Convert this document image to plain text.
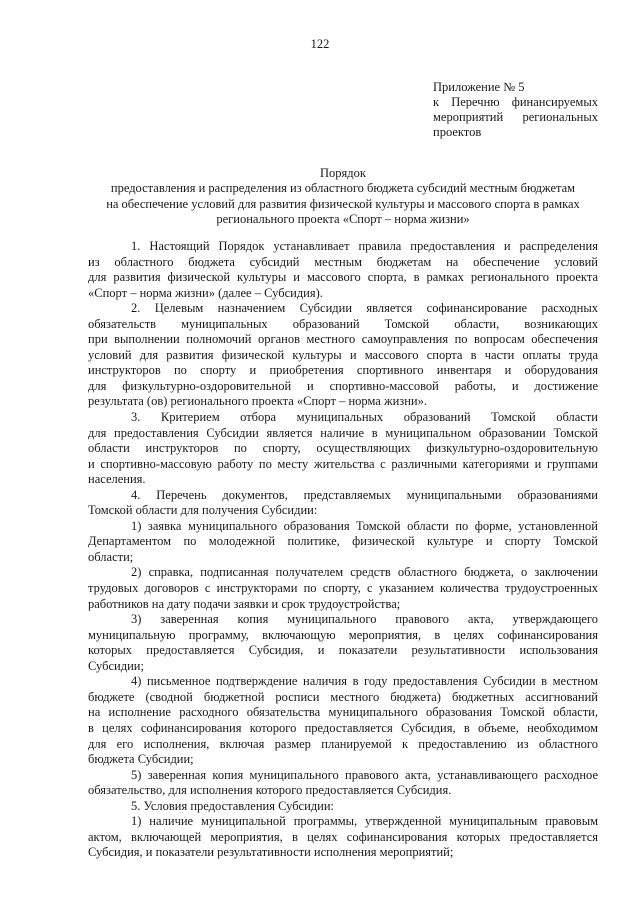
122
Приложение № 5
к Перечню финансируемых
мероприятий региональных
проектов
Порядок
предоставления и распределения из областного бюджета субсидий местным бюджетам
на обеспечение условий для развития физической культуры и массового спорта в рамках
регионального проекта «Спорт – норма жизни»
1. Настоящий Порядок устанавливает правила предоставления и распределения
из областного бюджета субсидий местным бюджетам на обеспечение условий
для развития физической культуры и массового спорта, в рамках регионального проекта
«Спорт – норма жизни» (далее – Субсидия).
2. Целевым назначением Субсидии является софинансирование расходных
обязательств муниципальных образований Томской области, возникающих
при выполнении полномочий органов местного самоуправления по вопросам обеспечения
условий для развития физической культуры и массового спорта в части оплаты труда
инструкторов по спорту и приобретения спортивного инвентаря и оборудования
для физкультурно-оздоровительной и спортивно-массовой работы, и достижение
результата (ов) регионального проекта «Спорт – норма жизни».
3. Критерием отбора муниципальных образований Томской области
для предоставления Субсидии является наличие в муниципальном образовании Томской
области инструкторов по спорту, осуществляющих физкультурно-оздоровительную
и спортивно-массовую работу по месту жительства с различными категориями и группами
населения.
4. Перечень документов, представляемых муниципальными образованиями
Томской области для получения Субсидии:
1) заявка муниципального образования Томской области по форме, установленной
Департаментом по молодежной политике, физической культуре и спорту Томской
области;
2) справка, подписанная получателем средств областного бюджета, о заключении
трудовых договоров с инструкторами по спорту, с указанием количества трудоустроенных
работников на дату подачи заявки и срок трудоустройства;
3) заверенная копия муниципального правового акта, утверждающего
муниципальную программу, включающую мероприятия, в целях софинансирования
которых предоставляется Субсидия, и показатели результативности использования
Субсидии;
4) письменное подтверждение наличия в году предоставления Субсидии в местном
бюджете (сводной бюджетной росписи местного бюджета) бюджетных ассигнований
на исполнение расходного обязательства муниципального образования Томской области,
в целях софинансирования которого предоставляется Субсидия, в объеме, необходимом
для его исполнения, включая размер планируемой к предоставлению из областного
бюджета Субсидии;
5) заверенная копия муниципального правового акта, устанавливающего расходное
обязательство, для исполнения которого предоставляется Субсидия.
5. Условия предоставления Субсидии:
1) наличие муниципальной программы, утвержденной муниципальным правовым
актом, включающей мероприятия, в целях софинансирования которых предоставляется
Субсидия, и показатели результативности исполнения мероприятий;
